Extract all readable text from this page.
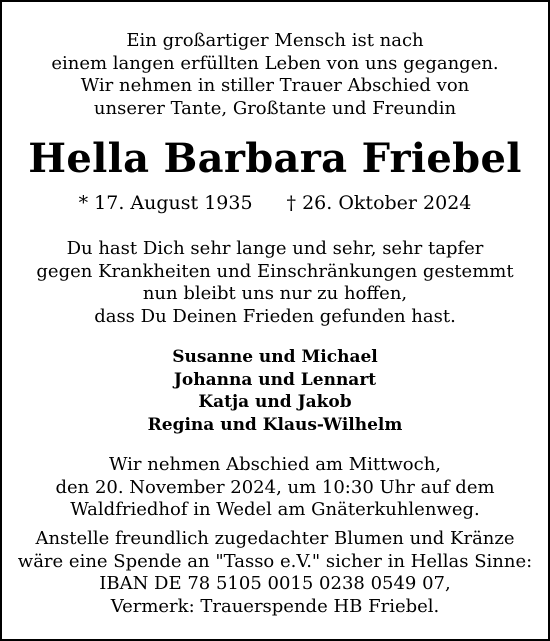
Ein großartiger Mensch ist nach
einem langen erfüllten Leben von uns gegangen.
Wir nehmen in stiller Trauer Abschied von
unserer Tante, Großtante und Freundin
Hella Barbara Friebel
* 17. August 1935 † 26. Oktober 2024
Du hast Dich sehr lange und sehr, sehr tapfer
gegen Krankheiten und Einschränkungen gestemmt
nun bleibt uns nur zu hoffen,
dass Du Deinen Frieden gefunden hast.
Susanne und Michael
Johanna und Lennart
Katja und Jakob
Regina und Klaus-Wilhelm
Wir nehmen Abschied am Mittwoch,
den 20. November 2024, um 10:30 Uhr auf dem
Waldfriedhof in Wedel am Gnäterkuhlenweg.
Anstelle freundlich zugedachter Blumen und Kränze
wäre eine Spende an "Tasso e.V." sicher in Hellas Sinne:
IBAN DE 78 5105 0015 0238 0549 07,
Vermerk: Trauerspende HB Friebel.
